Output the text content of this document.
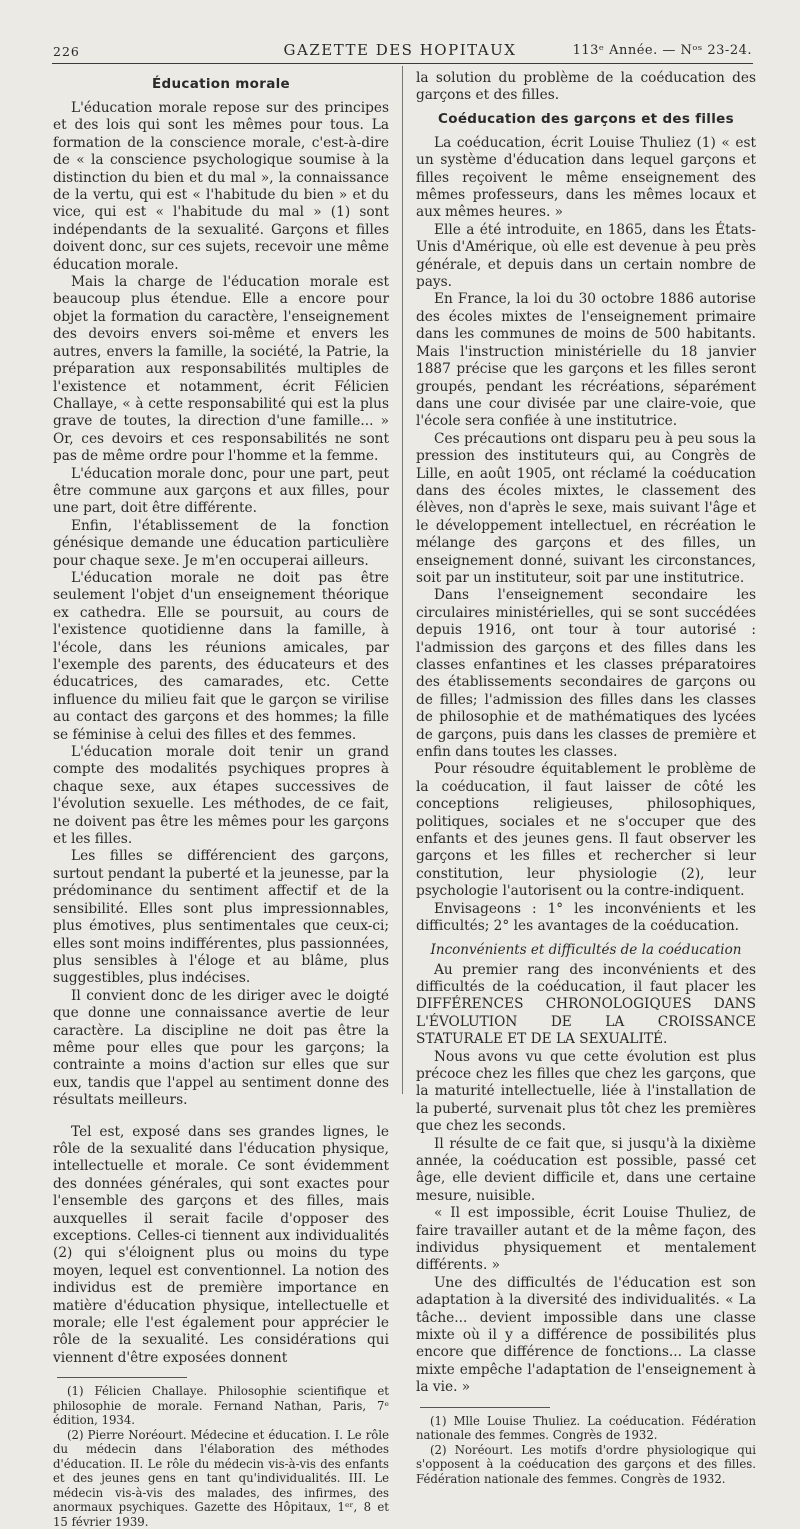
226	GAZETTE DES HOPITAUX	113ᵉ Année. — Nᵒˢ 23-24.
Éducation morale

L'éducation morale repose sur des principes et des lois qui sont les mêmes pour tous. La formation de la conscience morale, c'est-à-dire de « la conscience psychologique soumise à la distinction du bien et du mal », la connaissance de la vertu, qui est « l'habitude du bien » et du vice, qui est « l'habitude du mal » (1) sont indépendants de la sexualité. Garçons et filles doivent donc, sur ces sujets, recevoir une même éducation morale.

Mais la charge de l'éducation morale est beaucoup plus étendue. Elle a encore pour objet la formation du caractère, l'enseignement des devoirs envers soi-même et envers les autres, envers la famille, la société, la Patrie, la préparation aux responsabilités multiples de l'existence et notamment, écrit Félicien Challaye, « à cette responsabilité qui est la plus grave de toutes, la direction d'une famille... » Or, ces devoirs et ces responsabilités ne sont pas de même ordre pour l'homme et la femme.

L'éducation morale donc, pour une part, peut être commune aux garçons et aux filles, pour une part, doit être différente.

Enfin, l'établissement de la fonction génésique demande une éducation particulière pour chaque sexe. Je m'en occuperai ailleurs.

L'éducation morale ne doit pas être seulement l'objet d'un enseignement théorique ex cathedra. Elle se poursuit, au cours de l'existence quotidienne dans la famille, à l'école, dans les réunions amicales, par l'exemple des parents, des éducateurs et des éducatrices, des camarades, etc. Cette influence du milieu fait que le garçon se virilise au contact des garçons et des hommes; la fille se féminise à celui des filles et des femmes.

L'éducation morale doit tenir un grand compte des modalités psychiques propres à chaque sexe, aux étapes successives de l'évolution sexuelle. Les méthodes, de ce fait, ne doivent pas être les mêmes pour les garçons et les filles.

Les filles se différencient des garçons, surtout pendant la puberté et la jeunesse, par la prédominance du sentiment affectif et de la sensibilité. Elles sont plus impressionnables, plus émotives, plus sentimentales que ceux-ci; elles sont moins indifférentes, plus passionnées, plus sensibles à l'éloge et au blâme, plus suggestibles, plus indécises.

Il convient donc de les diriger avec le doigté que donne une connaissance avertie de leur caractère. La discipline ne doit pas être la même pour elles que pour les garçons; la contrainte a moins d'action sur elles que sur eux, tandis que l'appel au sentiment donne des résultats meilleurs.

Tel est, exposé dans ses grandes lignes, le rôle de la sexualité dans l'éducation physique, intellectuelle et morale. Ce sont évidemment des données générales, qui sont exactes pour l'ensemble des garçons et des filles, mais auxquelles il serait facile d'opposer des exceptions. Celles-ci tiennent aux individualités (2) qui s'éloignent plus ou moins du type moyen, lequel est conventionnel. La notion des individus est de première importance en matière d'éducation physique, intellectuelle et morale; elle l'est également pour apprécier le rôle de la sexualité. Les considérations qui viennent d'être exposées donnent

(1) Félicien Challaye. Philosophie scientifique et philosophie de morale. Fernand Nathan, Paris, 7ᵉ édition, 1934.

(2) Pierre Noréourt. Médecine et éducation. I. Le rôle du médecin dans l'élaboration des méthodes d'éducation. II. Le rôle du médecin vis-à-vis des enfants et des jeunes gens en tant qu'individualités. III. Le médecin vis-à-vis des malades, des infirmes, des anormaux psychiques. Gazette des Hôpitaux, 1ᵉʳ, 8 et 15 février 1939.

la solution du problème de la coéducation des garçons et des filles.

Coéducation des garçons et des filles

La coéducation, écrit Louise Thuliez (1) « est un système d'éducation dans lequel garçons et filles reçoivent le même enseignement des mêmes professeurs, dans les mêmes locaux et aux mêmes heures. »

Elle a été introduite, en 1865, dans les États-Unis d'Amérique, où elle est devenue à peu près générale, et depuis dans un certain nombre de pays.

En France, la loi du 30 octobre 1886 autorise des écoles mixtes de l'enseignement primaire dans les communes de moins de 500 habitants. Mais l'instruction ministérielle du 18 janvier 1887 précise que les garçons et les filles seront groupés, pendant les récréations, séparément dans une cour divisée par une claire-voie, que l'école sera confiée à une institutrice.

Ces précautions ont disparu peu à peu sous la pression des instituteurs qui, au Congrès de Lille, en août 1905, ont réclamé la coéducation dans des écoles mixtes, le classement des élèves, non d'après le sexe, mais suivant l'âge et le développement intellectuel, en récréation le mélange des garçons et des filles, un enseignement donné, suivant les circonstances, soit par un instituteur, soit par une institutrice.

Dans l'enseignement secondaire les circulaires ministérielles, qui se sont succédées depuis 1916, ont tour à tour autorisé : l'admission des garçons et des filles dans les classes enfantines et les classes préparatoires des établissements secondaires de garçons ou de filles; l'admission des filles dans les classes de philosophie et de mathématiques des lycées de garçons, puis dans les classes de première et enfin dans toutes les classes.

Pour résoudre équitablement le problème de la coéducation, il faut laisser de côté les conceptions religieuses, philosophiques, politiques, sociales et ne s'occuper que des enfants et des jeunes gens. Il faut observer les garçons et les filles et rechercher si leur constitution, leur physiologie (2), leur psychologie l'autorisent ou la contre-indiquent.

Envisageons : 1° les inconvénients et les difficultés; 2° les avantages de la coéducation.

Inconvénients et difficultés de la coéducation

Au premier rang des inconvénients et des difficultés de la coéducation, il faut placer les DIFFÉRENCES CHRONOLOGIQUES DANS L'ÉVOLUTION DE LA CROISSANCE STATURALE ET DE LA SEXUALITÉ.

Nous avons vu que cette évolution est plus précoce chez les filles que chez les garçons, que la maturité intellectuelle, liée à l'installation de la puberté, survenait plus tôt chez les premières que chez les seconds.

Il résulte de ce fait que, si jusqu'à la dixième année, la coéducation est possible, passé cet âge, elle devient difficile et, dans une certaine mesure, nuisible.

« Il est impossible, écrit Louise Thuliez, de faire travailler autant et de la même façon, des individus physiquement et mentalement différents. »

Une des difficultés de l'éducation est son adaptation à la diversité des individualités. « La tâche... devient impossible dans une classe mixte où il y a différence de possibilités plus encore que différence de fonctions... La classe mixte empêche l'adaptation de l'enseignement à la vie. »

(1) Mlle Louise Thuliez. La coéducation. Fédération nationale des femmes. Congrès de 1932.

(2) Noréourt. Les motifs d'ordre physiologique qui s'opposent à la coéducation des garçons et des filles. Fédération nationale des femmes. Congrès de 1932.
